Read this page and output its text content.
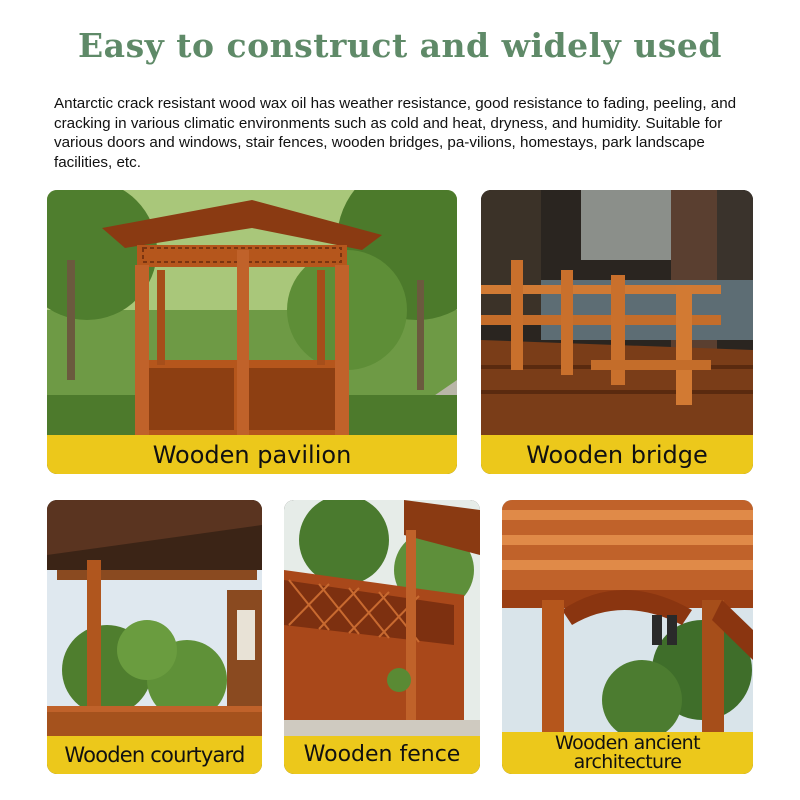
Easy to construct and widely used
Antarctic crack resistant wood wax oil has weather resistance, good resistance to fading, peeling, and cracking in various climatic environments such as cold and heat, dryness, and humidity. Suitable for various doors and windows, stair fences, wooden bridges, pa-vilions, homestays, park landscape facilities, etc.
Wooden pavilion	Wooden bridge
Wooden courtyard	Wooden fence	Wooden ancient
architecture
